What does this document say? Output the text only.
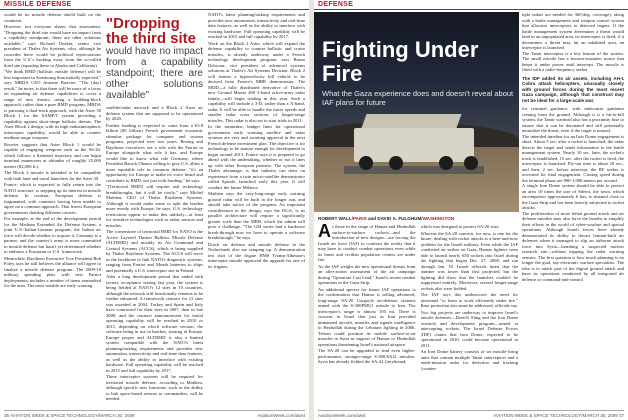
MISSILE DEFENSE

would be no missile defense shield built on the continent.

However, not everyone shares that assessment. "Dropping the third site would have no impact from a capability standpoint; there are other solutions available," says Richard Deakin, senior vice president of Thales Air Systems, who, although he concedes there would be political repercussions from the U.S.'s backing away from the so-called third site (equating these to Alaska and California).

"We think BMD [ballistic missile defense] will be less important in Strasbourg than initially expected," says MBDA CEO Antoine Bouvier. "The [day] result," he notes, is that there will be more of a focus on expanding air defense capabilities to cover a range of new threats, using a building-block approach, rather than a pure BMD program. MBDA is pursuing a dual-track approach, with the Aster 30 Block 1 for the SAMP/T system providing a capability against short-range ballistic threats. The Aster Block 2 design, with its high endoatmospheric interceptor capability, would be able to counter medium-range weapons.

Bouvier suggests that Aster Block 1 would be capable of engaging weapons such as the SS-26, which follows a flattened trajectory and can begin terminal maneuvers at altitudes of roughly 25,000 meters (82,000 ft.).

The Block 2 missile is intended to be compatible with both land and naval launchers for the Aster 30.

France, which is expected to fully return into the NATO structure, is stepping up its interest in missile defense. In contrast, European defense is fragmented, with countries having been unable to agree on a common approach. That leaves European governments charting different courses.

For example, at the end of the development period for the Medium Extended Air Defense System, a joint U.S.-Italian-German program, the Italian air force will decide whether to acquire it. Germany is a partner, and the country's army is more committed to missile defense but hasn't yet determined whether to embrace a European or U.S. framework.

Meanwhile, Raytheon Executive Vice President Rob Foley says he still believes the alliance will agree to finalize a missile defense program. The 2009-10 military spending plan, with new Patriot deployments, includes a number of items earmarked for the area. The most notable are early warning

"Dropping the third site
would have no impact from a capability standpoint; there are other solutions available"

satellite/radar network and a Block 2 Aster air defense system that are supposed to be operational by 2020.

Further funding is expected to come from a €3.8 billion ($5 billion) French government economic stimulus package for computer and system programs, projected over two years. Boeing and Raytheon executives see a role with the Patriot in Europe alongside what role it has, and Europe would like to know what role Germany, where President Barack Obama willing to give U.S. allies a more equitable role in common defense, "it's an opportunity for Europe to make its voice heard and contribute to BMD, not just with funding," he says.

"[Territorial BMD] will require real technology breakthroughs, but it will be costly," says Michel Mathieu, CEO of Thales Raytheon Systems. Although it would make sense to split the burden more evenly with Europe, he says, U.S. technology restrictions appear to make this unlikely—at least for sensitive technologies such as radar, sensors and missiles.

The cornerstone of territorial BMD for NATO is the Active Layered Theater Ballistic Missile Defense (ALTBMD) and notably its Air Command and Control Systems (ACCS), which is being supplied by Thales Raytheon Systems. The ACCS will serve as the backbone to link NATO's diagnostic systems, ranging from Patriot and Meads batteries to ships and potentially a U.S. interceptor site in Poland.

After a long development period that ended with factory acceptance testing last year, the system is being fielded at NATO's 12 sites in 10 countries, although the network still functionally remains to be further enhanced. A framework contract for 12 sites was awarded in 2004. Turkey and Spain and Italy have contracted for their sites in 2007, then in late 2008, and the contract announcement for initial operating capability will be reached in 2010 or 2011, depending on which software version, the software being in use in batches, starting in Europe. Europe proper and ALTBMD is also a limited system compatible with the NATO's latest planning/tasking requirements and provides new automation, interactivity and real-time data features, as well as the ability to interface with existing hardware. Full operating capability will be reached in 2015 and full capability by 2017.

These interceptor systems will be required for territorial missile defense, according to Mathieu, although specific new functions, such as the ability to link space-based sensors to commanders, will be needed.

NATO's latest planning/tasking requirements and provides new automation, interactivity and real-time data features, as well as the ability to interface with existing hardware. Full operating capability will be reached in 2015 and full capability by 2017.

Work on the Block 2 Aster, which will expand the defense capability to counter ballistic and cruise missiles, is already underway under a French technology development program, says Bruno Delacour, vice president of advanced systems solutions at Thales's Air Systems Division. Block 2 will feature a hypervelocity kill vehicle to be derived from France's MBR demonstrator. The MDD—a fully distributed derivative of Thales's new Ground Master 400 3-band active-array radar family—will begin trialing in this year. Such a capability will include a 3-D, rather than a X-band, radar. It will be able to handle the faster speeds and smaller radar cross sections of longer-range missiles. This radar is also set to start trials in 2011.

In the meantime, budget lines for operational government early warning satellite and radar systems are very and awaiting approval in the next French defense investment plan. The objective is for technology to be mature enough for development to begin around 2013. France says it is prepared to go ahead with the undertaking, whether or not it lines up with other European partners. The system, the Thales advantage, is that industry can draw on experience from a twin micro-satellite demonstrator called Spirale, launched early this year. It will conduct the future Milanos.

Mathieu says the very-long-range early warning ground radar will be built in the longer run, and should take notice of the program. An important consideration in the design, says the DGA, is its parallel architecture will require a significantly greater scale than the MRR, which the admin will pose a challenge. "The GM series had a hardware break-through now we have to operate a software breakthrough," he says.

Dutch air defense and missile defense in the Netherlands also are ramping up. A demonstration test shot of the frigate HMS Tromp-Alkmaar's interceptor missile approved the upgrade for one of its frigates.

36 AVIATION WEEK & SPACE TECHNOLOGY/MARCH 30, 2009	AviationWeek.com/awst
DEFENSE
Fighting Under Fire
What the Gaza experience does and doesn't reveal about IAF plans for future

tiple radars are needed for 360-deg. coverage), along with a battle management and weapon control system that allocates interceptors to detected targets. If the battle management system determines a threat would land in an unpopulated area, no interceptor is fired; if it determines a threat may hit an inhabited area, an interceptor is launched.

The Tamir interceptor is a key feature of the system. The small missile has a booster-sustainer motor that keeps it under power until intercept. The missile is fitted with a radio-frequency seeker

The IDF added its air assets, including AH-1 Cobra attack helicopters, unusually closely with ground forces during the most recent Gaza campaign, although that construct may not be ideal for a large-scale war.

for terminal guidance, with midcourse guidance coming from the ground. Although it is a hit-to-kill system, the Tamir warhead also has a proximity fuse to ensure that it can be detonated and still potentially neutralize the threat, even if the target is missed.

The intended timeline for an Iron Dome engagement is short. About 5 sec. after a rocket is launched, the radar detects the target and sends information to the battle management system. Nearly 10 sec. later, the rocket's track is established, 15 sec. after the rocket is fired, the interceptor is launched. Fly-out time is about 20 sec., and then, 2 sec. before intercept, the RF seeker is activated for final engagement. Closing speed during the terminal phase are 900-1,000 meters per second.

A single Iron Dome system should be able to protect an area 10 times the size of Sderot, the town, which encompasses approximately 6 km, is situated close to the Gaza Strip and has been heavily subjected to rocket attacks.

The proliferation of more lethal ground attack and air defense missiles may also force the Israelis to simplify their efforts in the world of cyber-warfare and special operations. Although Israeli forces have already demonstrated its ability to thwart Iranian-built air defenses when it managed to slip an airborne attack force into Syria—bombing a suspected nuclear research site—without tripping the radar warning sensors. The first question is how much planning is no longer the goal, say electronic warfare specialists. The idea is to attack part of the digital ground attack and have its operations conducted by all integrated air defense or command-and-control

ROBERT WALL/PARIS and DAVID A. FULGHUM/WASHINGTON
A s those in the range of Hamas and Hezbollah surface-to-surface rockets—and the introduction of new designs—are forcing the Israeli air force (IAF) to confront the reality that it may have to conduct combat operations even while its bases and civilian population centers are under fire.

As the IAF weighs the new operational threats from an after-action assessment of the air campaign during "Operation Cast Lead," Israel's recent combat operations in the Gaza Strip.

An additional specter for future IAF operations is the confirmation that Hamas is selling advanced, long-range SA-20 Gargoyle air-defense systems armed with the S-300PMU1 missile to Iran. The interceptor's range is almost 195 mi. There is concern in Israel that just as Iran provided unmanned aircraft, missiles and signals intelligence to Hezbollah during the Lebanon fighting in 2006, Tehran could position its mobile surface-to-air missiles in Syria in support of Hamas or Hezbollah operations threatening Israel's national airspace.

The SA-20 can be upgraded to lead even higher-performance, stronger-range S-400/SA21 missiles. Syria has already fielded the SA-22 Greyhound,

which was designed to protect SA-20 sites.

Whereas the SA-20 concern, for now, is one for the future, dealing with rocket attacks is a here-and-now problem for the Israeli military. Even while the IAF conducted air strikes on Gaza, Hamas fighters were able to launch nearly 650 rockets into Israel during the fighting that began Dec. 27, 2008, and ran through Jan. 18. Israeli officials insist that the number was lower than first projected, but the fighting did show that the launches couldn't be suppressed entirely. Moreover, several longer-range rockets also were fielded.

The IAF says this underscores the need for personnel "to learn to work efficiently under fire." Base protection also must be addressed, officials say.

Two big projects are underway to improve Israel's missile defenses—David's Sling and the Iron Dome research and development program—aimed at intercepting rockets. The Israel Defense Forces (IDF) claims that Iron Dome, expected to be operational in 2010, could become operational in 2011.

An Iron Dome battery consists of six missile-firing units that contain multiple Tamir interceptors and a multi-mission radar for detection and tracking (counter-

AviationWeek.com/awst	AVIATION WEEK & SPACE TECHNOLOGY/MARCH 30, 2009 37
